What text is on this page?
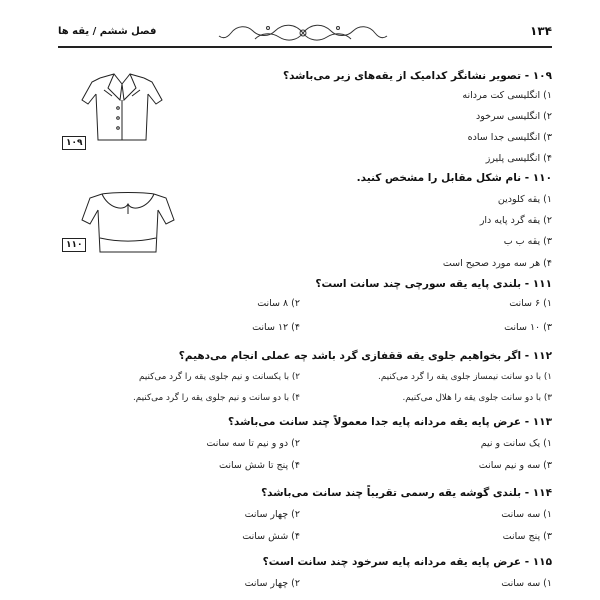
۱۳۴
فصل ششم / یقه ها
۱۰۹
۱۱۰
۱۰۹ - تصویر نشانگر کدامیک از یقه‌های زیر می‌باشد؟
۱) انگلیسی کت مردانه
۲) انگلیسی سرخود
۳) انگلیسی جدا ساده
۴) انگلیسی پلیرز
۱۱۰ - نام شکل مقابل را مشخص کنید.
۱) یقه کلودین
۲) یقه گرد پایه دار
۳) یقه ب ب
۴) هر سه مورد صحیح است
۱۱۱ - بلندی پایه یقه سورچی چند سانت است؟
۱) ۶ سانت
۲) ۸ سانت
۳) ۱۰ سانت
۴) ۱۲ سانت
۱۱۲ - اگر بخواهیم جلوی یقه ققفازی گرد باشد چه عملی انجام می‌دهیم؟
۱) با دو سانت نیمساز جلوی یقه را گرد می‌کنیم.
۲) با یکسانت و نیم جلوی یقه را گرد می‌کنیم
۳) با دو سانت جلوی یقه را هلال می‌کنیم.
۴) با دو سانت و نیم جلوی یقه را گرد می‌کنیم.
۱۱۳ - عرض پایه یقه مردانه پایه جدا معمولاً چند سانت می‌باشد؟
۱) یک سانت و نیم
۲) دو و نیم تا سه سانت
۳) سه و نیم سانت
۴) پنج تا شش سانت
۱۱۴ - بلندی گوشه یقه رسمی تقریباً چند سانت می‌باشد؟
۱) سه سانت
۲) چهار سانت
۳) پنج سانت
۴) شش سانت
۱۱۵ - عرض پایه یقه مردانه پایه سرخود چند سانت است؟
۱) سه سانت
۲) چهار سانت
